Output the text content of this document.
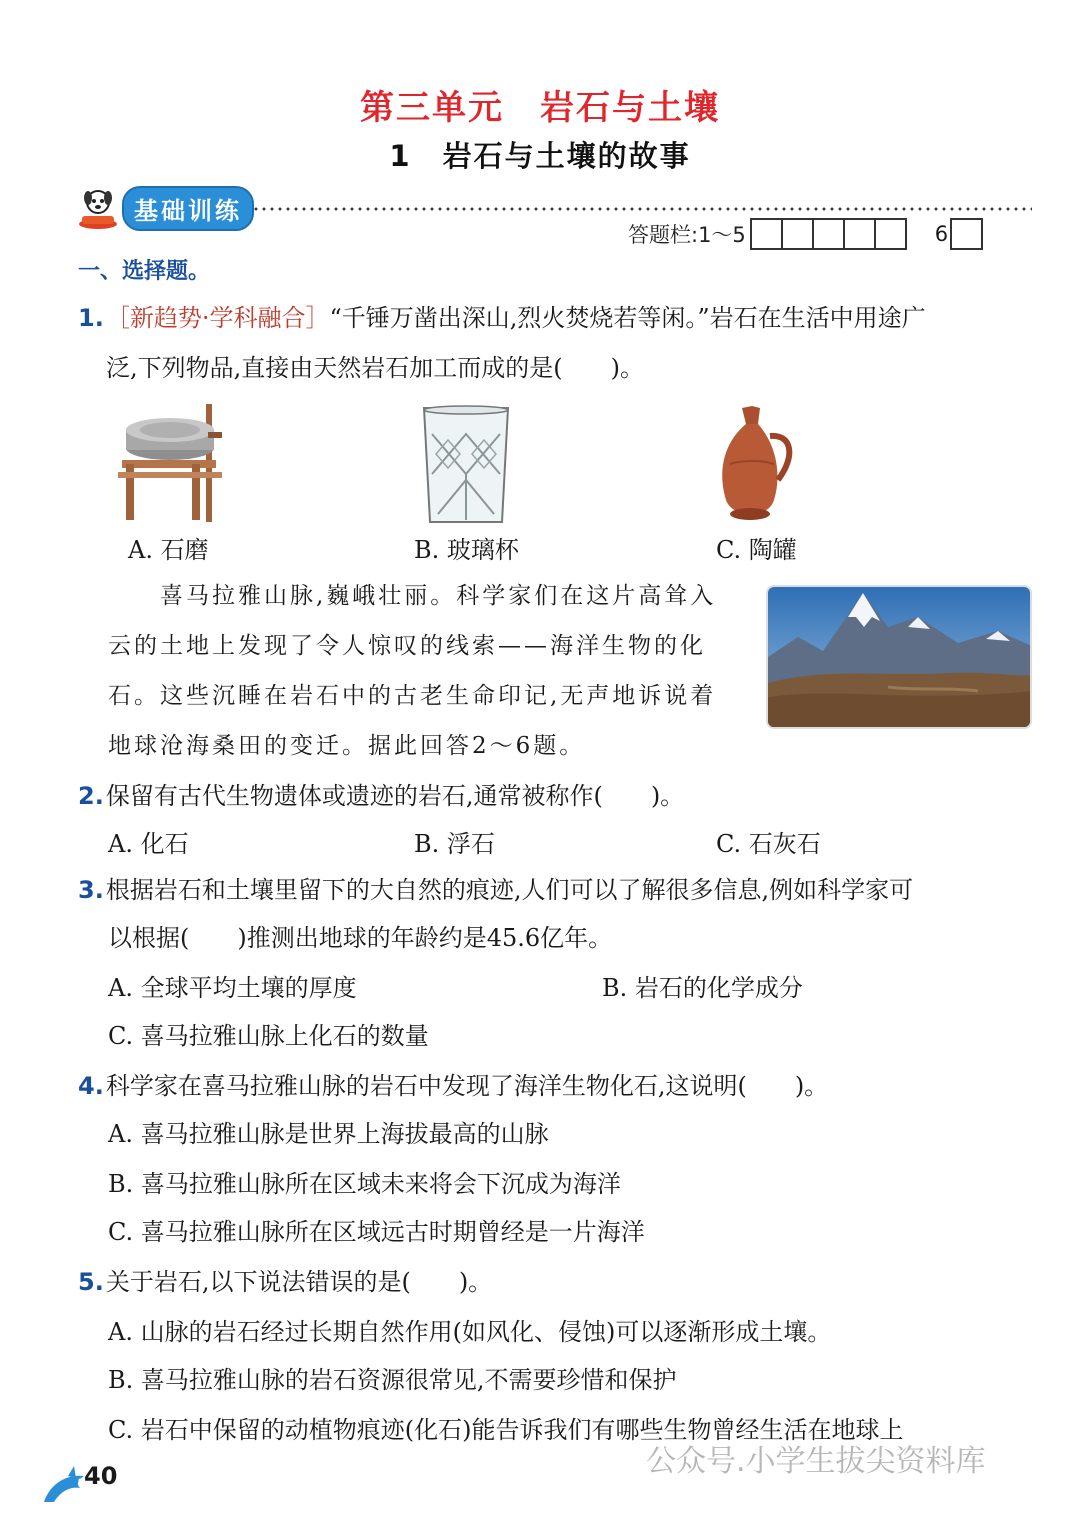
第三单元　岩石与土壤
1　岩石与土壤的故事
基础训练
答题栏:1～5	6
一、选择题。
1.［新趋势·学科融合］“千锤万凿出深山,烈火焚烧若等闲。”岩石在生活中用途广
泛,下列物品,直接由天然岩石加工而成的是(　　)。
A. 石磨	B. 玻璃杯	C. 陶罐
喜马拉雅山脉,巍峨壮丽。科学家们在这片高耸入
云的土地上发现了令人惊叹的线索——海洋生物的化
石。这些沉睡在岩石中的古老生命印记,无声地诉说着
地球沧海桑田的变迁。据此回答2～6题。
2.保留有古代生物遗体或遗迹的岩石,通常被称作(　　)。
A. 化石	B. 浮石	C. 石灰石
3.根据岩石和土壤里留下的大自然的痕迹,人们可以了解很多信息,例如科学家可
以根据(　　)推测出地球的年龄约是45.6亿年。
A. 全球平均土壤的厚度	B. 岩石的化学成分
C. 喜马拉雅山脉上化石的数量
4.科学家在喜马拉雅山脉的岩石中发现了海洋生物化石,这说明(　　)。
A. 喜马拉雅山脉是世界上海拔最高的山脉
B. 喜马拉雅山脉所在区域未来将会下沉成为海洋
C. 喜马拉雅山脉所在区域远古时期曾经是一片海洋
5.关于岩石,以下说法错误的是(　　)。
A. 山脉的岩石经过长期自然作用(如风化、侵蚀)可以逐渐形成土壤。
B. 喜马拉雅山脉的岩石资源很常见,不需要珍惜和保护
C. 岩石中保留的动植物痕迹(化石)能告诉我们有哪些生物曾经生活在地球上
40	公众号.小学生拔尖资料库
